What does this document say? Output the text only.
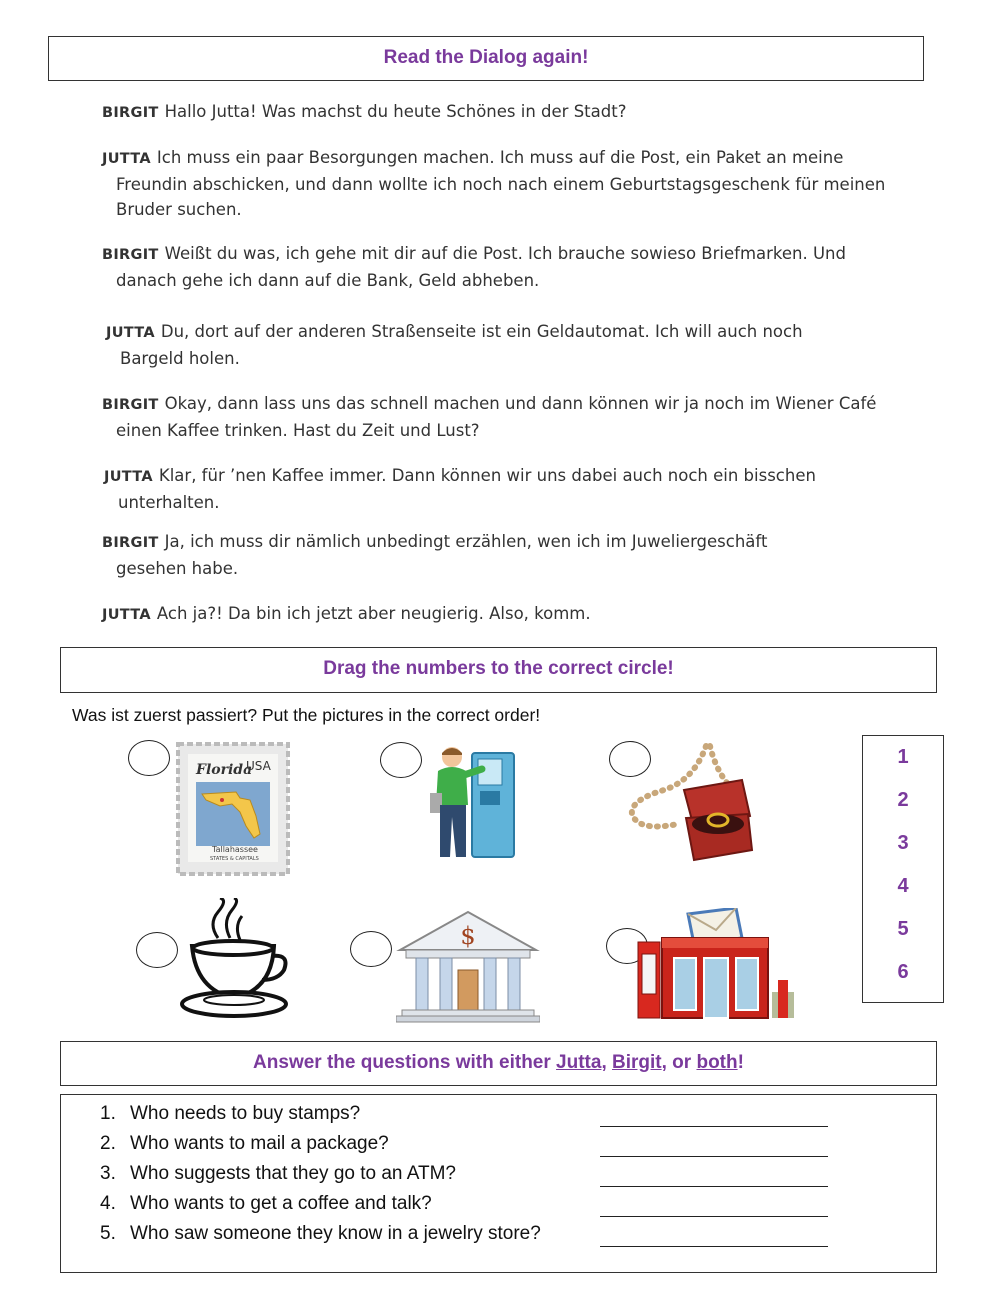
Read the Dialog again!
BIRGIT Hallo Jutta! Was machst du heute Schönes in der Stadt?
JUTTA Ich muss ein paar Besorgungen machen. Ich muss auf die Post, ein Paket an meine
Freundin abschicken, und dann wollte ich noch nach einem Geburtstagsgeschenk für meinen
Bruder suchen.
BIRGIT Weißt du was, ich gehe mit dir auf die Post. Ich brauche sowieso Briefmarken. Und
danach gehe ich dann auf die Bank, Geld abheben.
JUTTA Du, dort auf der anderen Straßenseite ist ein Geldautomat. Ich will auch noch
Bargeld holen.
BIRGIT Okay, dann lass uns das schnell machen und dann können wir ja noch im Wiener Café
einen Kaffee trinken. Hast du Zeit und Lust?
JUTTA Klar, für ’nen Kaffee immer. Dann können wir uns dabei auch noch ein bisschen
unterhalten.
BIRGIT Ja, ich muss dir nämlich unbedingt erzählen, wen ich im Juweliergeschäft
gesehen habe.
JUTTA Ach ja?! Da bin ich jetzt aber neugierig. Also, komm.
Drag the numbers to the correct circle!
Was ist zuerst passiert? Put the pictures in the correct order!
Florida
USA
Tallahassee
STATES & CAPITALS
$
1
2
3
4
5
6
Answer the questions with either Jutta, Birgit, or both!
1. Who needs to buy stamps?
2. Who wants to mail a package?
3. Who suggests that they go to an ATM?
4. Who wants to get a coffee and talk?
5. Who saw someone they know in a jewelry store?
